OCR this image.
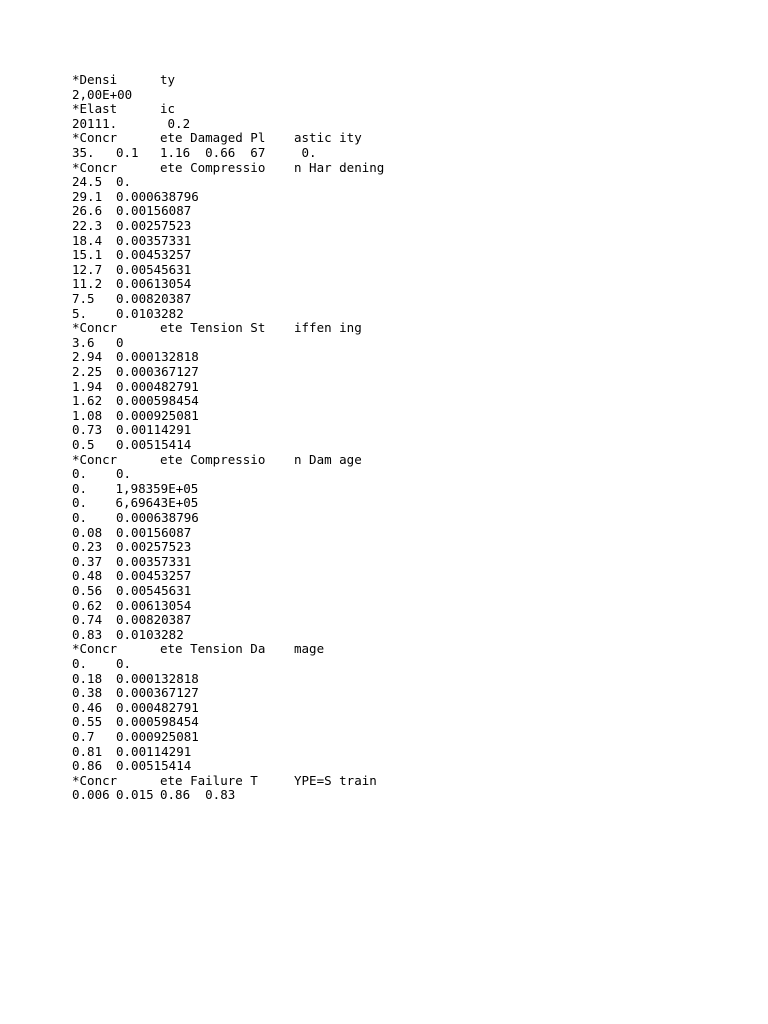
*Densi	ty
2,00E+00
*Elast	ic
20111.	0.2
*Concr	ete Damaged Pl astic ity
35. 0.1 1.16  0.66  67 0.
*Concr	ete Compressio n Har dening
24.5 0.
29.1 0.000638796
26.6 0.00156087
22.3 0.00257523
18.4 0.00357331
15.1 0.00453257
12.7 0.00545631
11.2 0.00613054
7.5 0.00820387
5. 0.0103282
*Concr	ete Tension St iffen ing
3.6 0
2.94 0.000132818
2.25 0.000367127
1.94 0.000482791
1.62 0.000598454
1.08 0.000925081
0.73 0.00114291
0.5 0.00515414
*Concr	ete Compressio n Dam age
0. 0.
0. 1,98359E+05
0. 6,69643E+05
0. 0.000638796
0.08 0.00156087
0.23 0.00257523
0.37 0.00357331
0.48 0.00453257
0.56 0.00545631
0.62 0.00613054
0.74 0.00820387
0.83 0.0103282
*Concr	ete Tension Da mage
0. 0.
0.18 0.000132818
0.38 0.000367127
0.46 0.000482791
0.55 0.000598454
0.7 0.000925081
0.81 0.00114291
0.86 0.00515414
*Concr	ete Failure T	YPE=S train
0.006 0.015 0.86  0.83
